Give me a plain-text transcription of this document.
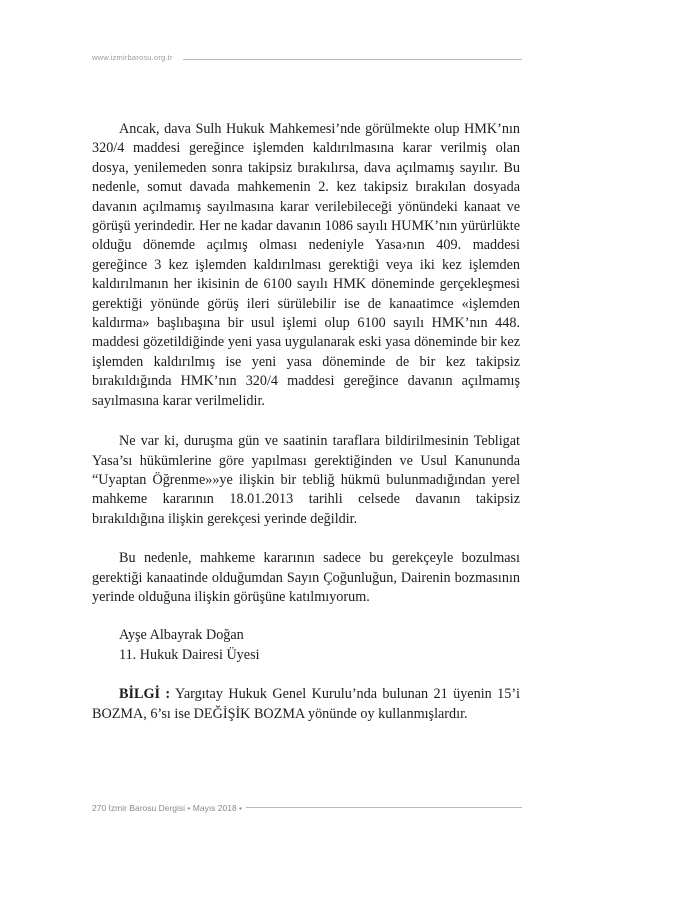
www.izmirbarosu.org.tr

Ancak, dava Sulh Hukuk Mahkemesi’nde görülmekte olup HMK’nın 320/4 maddesi gereğince işlemden kaldırılmasına karar verilmiş olan dosya, yenilemeden sonra takipsiz bırakılırsa, dava açılmamış sayılır. Bu nedenle, somut davada mahkemenin 2. kez takipsiz bırakılan dosyada davanın açılmamış sayılmasına karar verilebileceği yönündeki kanaat ve görüşü yerindedir. Her ne kadar davanın 1086 sayılı HUMK’nın yürürlükte olduğu dönemde açılmış olması nedeniyle Yasa›nın 409. maddesi gereğince 3 kez işlemden kaldırılması gerektiği veya iki kez işlemden kaldırılmanın her ikisinin de 6100 sayılı HMK döneminde gerçekleşmesi gerektiği yönünde görüş ileri sürülebilir ise de kanaatimce «işlemden kaldırma» başlıbaşına bir usul işlemi olup 6100 sayılı HMK’nın 448. maddesi gözetildiğinde yeni yasa uygulanarak eski yasa döneminde bir kez işlemden kaldırılmış ise yeni yasa döneminde de bir kez takipsiz bırakıldığında HMK’nın 320/4 maddesi gereğince davanın açılmamış sayılmasına karar verilmelidir.

Ne var ki, duruşma gün ve saatinin taraflara bildirilmesinin Tebligat Yasa’sı hükümlerine göre yapılması gerektiğinden ve Usul Kanununda “Uyaptan Öğrenme»»ye ilişkin bir tebliğ hükmü bulunmadığından yerel mahkeme kararının 18.01.2013 tarihli celsede davanın takipsiz bırakıldığına ilişkin gerekçesi yerinde değildir.

Bu nedenle, mahkeme kararının sadece bu gerekçeyle bozulması gerektiği kanaatinde olduğumdan Sayın Çoğunluğun, Dairenin bozmasının yerinde olduğuna ilişkin görüşüne katılmıyorum.

Ayşe Albayrak Doğan

11. Hukuk Dairesi Üyesi

BİLGİ : Yargıtay Hukuk Genel Kurulu’nda bulunan 21 üyenin 15’i BOZMA, 6’sı ise DEĞİŞİK BOZMA yönünde oy kullanmışlardır.

270 İzmir Barosu Dergisi • Mayıs 2018 •
